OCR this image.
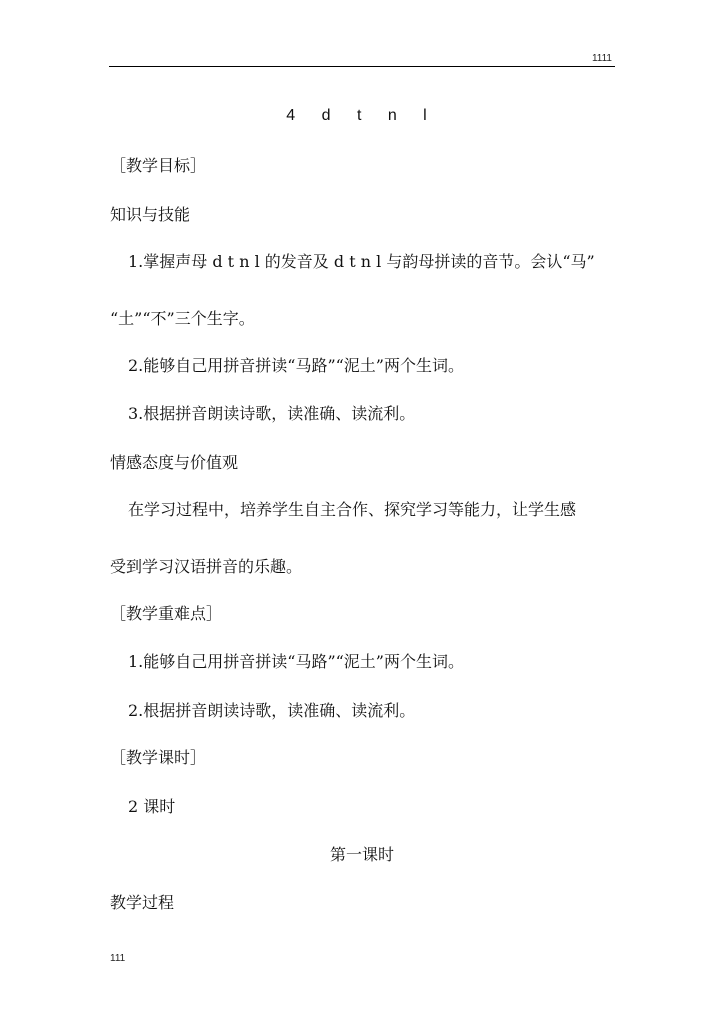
1111
4 d t n l
［教学目标］
知识与技能
1.掌握声母 d t n l 的发音及 d t n l 与韵母拼读的音节。会认“马”
“土”“不”三个生字。
2.能够自己用拼音拼读“马路”“泥土”两个生词。
3.根据拼音朗读诗歌，读准确、读流利。
情感态度与价值观
在学习过程中，培养学生自主合作、探究学习等能力，让学生感
受到学习汉语拼音的乐趣。
［教学重难点］
1.能够自己用拼音拼读“马路”“泥土”两个生词。
2.根据拼音朗读诗歌，读准确、读流利。
［教学课时］
2 课时
第一课时
教学过程
111
